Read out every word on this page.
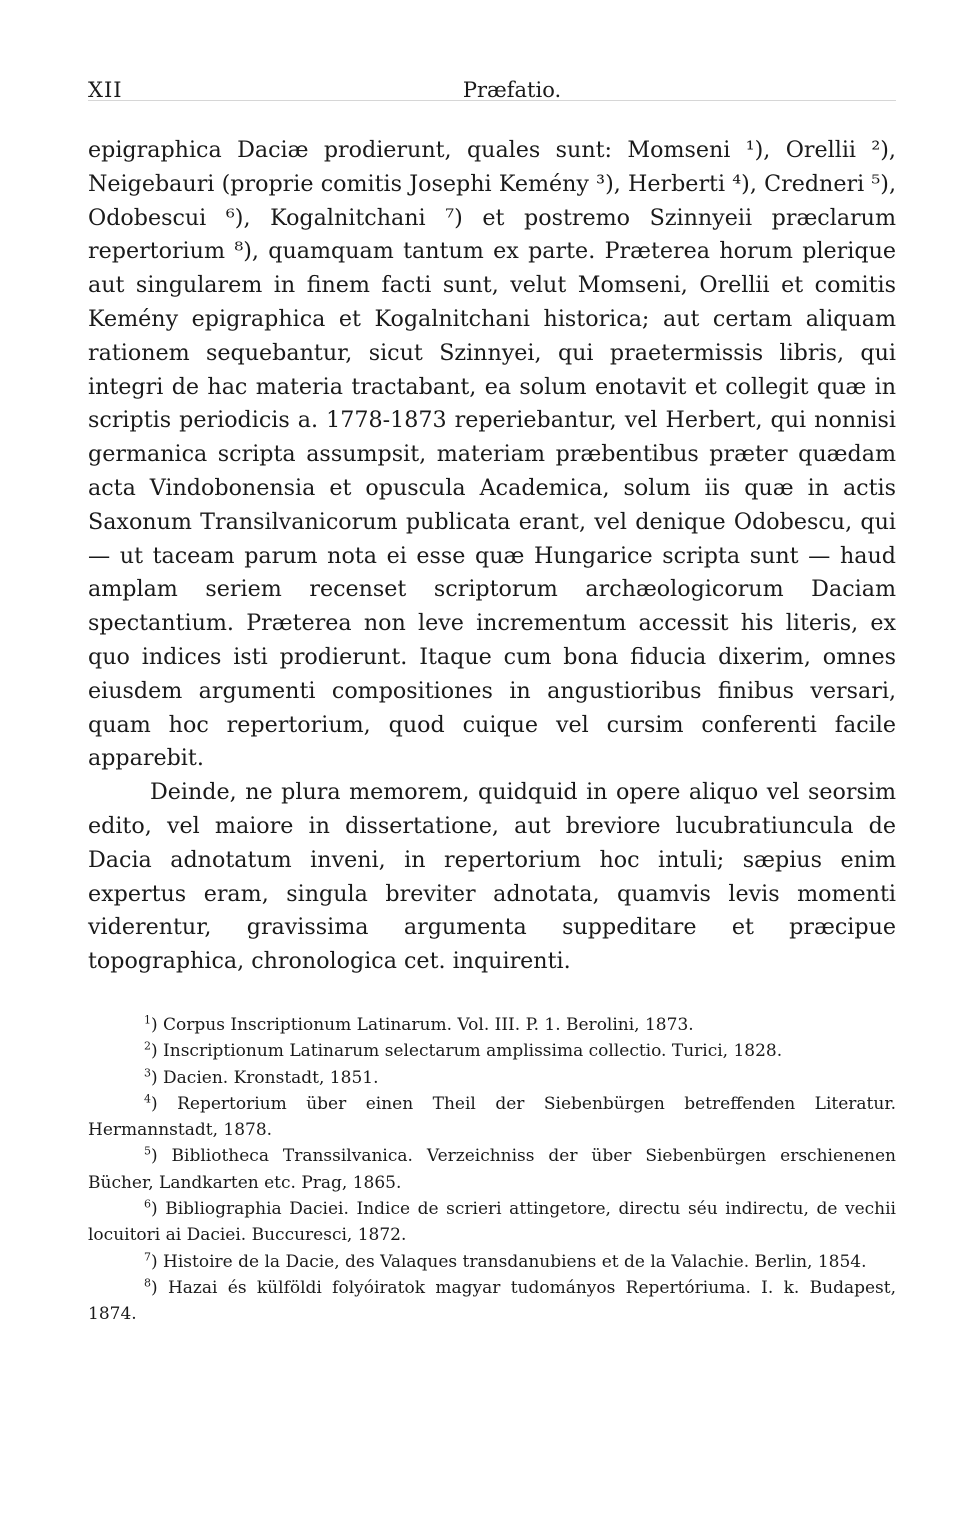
XII	Præfatio.

epigraphica Daciæ prodierunt, quales sunt: Momseni ¹), Orellii ²), Neigebauri (proprie comitis Josephi Kemény ³), Herberti ⁴), Credneri ⁵), Odobescui ⁶), Kogalnitchani ⁷) et postremo Szinnyeii præclarum repertorium ⁸), quamquam tantum ex parte. Præterea horum plerique aut singularem in finem facti sunt, velut Momseni, Orellii et comitis Kemény epigraphica et Kogalnitchani historica; aut certam aliquam rationem sequebantur, sicut Szinnyei, qui praetermissis libris, qui integri de hac materia tractabant, ea solum enotavit et collegit quæ in scriptis periodicis a. 1778-1873 reperiebantur, vel Herbert, qui nonnisi germanica scripta assumpsit, materiam præbentibus præter quædam acta Vindobonensia et opuscula Academica, solum iis quæ in actis Saxonum Transilvanicorum publicata erant, vel denique Odobescu, qui — ut taceam parum nota ei esse quæ Hungarice scripta sunt — haud amplam seriem recenset scriptorum archæologicorum Daciam spectantium. Præterea non leve incrementum accessit his literis, ex quo indices isti prodierunt. Itaque cum bona fiducia dixerim, omnes eiusdem argumenti compositiones in angustioribus finibus versari, quam hoc repertorium, quod cuique vel cursim conferenti facile apparebit.

Deinde, ne plura memorem, quidquid in opere aliquo vel seorsim edito, vel maiore in dissertatione, aut breviore lucubratiuncula de Dacia adnotatum inveni, in repertorium hoc intuli; sæpius enim expertus eram, singula breviter adnotata, quamvis levis momenti viderentur, gravissima argumenta suppeditare et præcipue topographica, chronologica cet. inquirenti.

$^1$) Corpus Inscriptionum Latinarum. Vol. III. P. 1. Berolini, 1873.

$^2$) Inscriptionum Latinarum selectarum amplissima collectio. Turici, 1828.

$^3$) Dacien. Kronstadt, 1851.

$^4$) Repertorium über einen Theil der Siebenbürgen betreffenden Literatur. Hermannstadt, 1878.

$^5$) Bibliotheca Transsilvanica. Verzeichniss der über Siebenbürgen erschienenen Bücher, Landkarten etc. Prag, 1865.

$^6$) Bibliographia Daciei. Indice de scrieri attingetore, directu séu indirectu, de vechii locuitori ai Daciei. Buccuresci, 1872.

$^7$) Histoire de la Dacie, des Valaques transdanubiens et de la Valachie. Berlin, 1854.

$^8$) Hazai és külföldi folyóiratok magyar tudományos Repertóriuma. I. k. Budapest, 1874.
